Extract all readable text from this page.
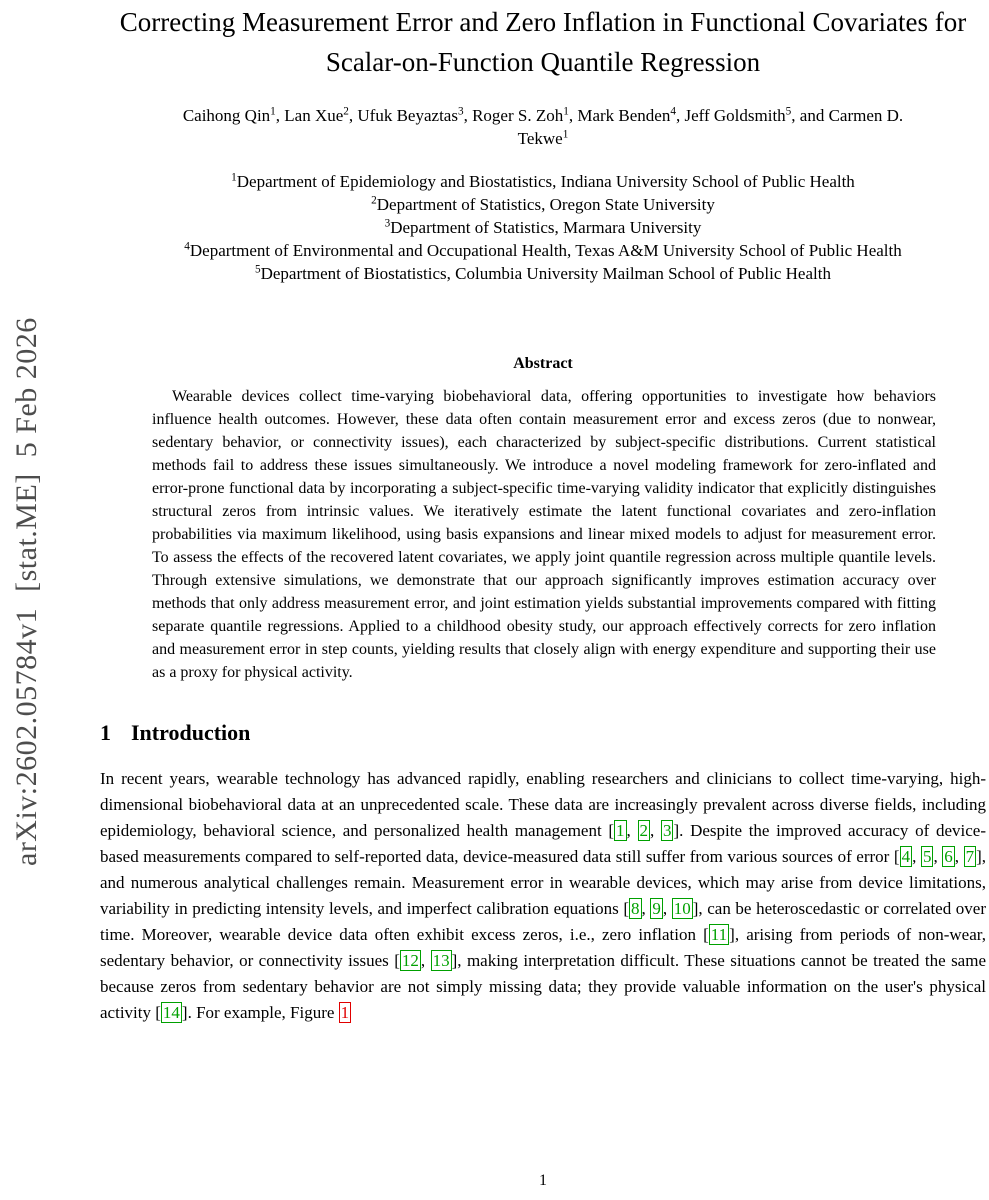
arXiv:2602.05784v1  [stat.ME]  5 Feb 2026
Correcting Measurement Error and Zero Inflation in Functional Covariates for Scalar-on-Function Quantile Regression
Caihong Qin$^1$, Lan Xue$^2$, Ufuk Beyaztas$^3$, Roger S. Zoh$^1$, Mark Benden$^4$, Jeff Goldsmith$^5$, and Carmen D.
Tekwe$^1$
$^1$Department of Epidemiology and Biostatistics, Indiana University School of Public Health
$^2$Department of Statistics, Oregon State University
$^3$Department of Statistics, Marmara University
$^4$Department of Environmental and Occupational Health, Texas A&M University School of Public Health
$^5$Department of Biostatistics, Columbia University Mailman School of Public Health
Abstract

Wearable devices collect time-varying biobehavioral data, offering opportunities to investigate how behaviors influence health outcomes. However, these data often contain measurement error and excess zeros (due to nonwear, sedentary behavior, or connectivity issues), each characterized by subject-specific distributions. Current statistical methods fail to address these issues simultaneously. We introduce a novel modeling framework for zero-inflated and error-prone functional data by incorporating a subject-specific time-varying validity indicator that explicitly distinguishes structural zeros from intrinsic values. We iteratively estimate the latent functional covariates and zero-inflation probabilities via maximum likelihood, using basis expansions and linear mixed models to adjust for measurement error. To assess the effects of the recovered latent covariates, we apply joint quantile regression across multiple quantile levels. Through extensive simulations, we demonstrate that our approach significantly improves estimation accuracy over methods that only address measurement error, and joint estimation yields substantial improvements compared with fitting separate quantile regressions. Applied to a childhood obesity study, our approach effectively corrects for zero inflation and measurement error in step counts, yielding results that closely align with energy expenditure and supporting their use as a proxy for physical activity.

1 Introduction

In recent years, wearable technology has advanced rapidly, enabling researchers and clinicians to collect time-varying, high-dimensional biobehavioral data at an unprecedented scale. These data are increasingly prevalent across diverse fields, including epidemiology, behavioral science, and personalized health management [ 1 , 2 , 3 ]. Despite the improved accuracy of device-based measurements compared to self-reported data, device-measured data still suffer from various sources of error [ 4 , 5 , 6 , 7 ], and numerous analytical challenges remain. Measurement error in wearable devices, which may arise from device limitations, variability in predicting intensity levels, and imperfect calibration equations [ 8 , 9 , 10 ], can be heteroscedastic or correlated over time. Moreover, wearable device data often exhibit excess zeros, i.e., zero inflation [ 11 ], arising from periods of non-wear, sedentary behavior, or connectivity issues [ 12 , 13 ], making interpretation difficult. These situations cannot be treated the same because zeros from sedentary behavior are not simply missing data; they provide valuable information on the user's physical activity [ 14 ]. For example, Figure 1

1
